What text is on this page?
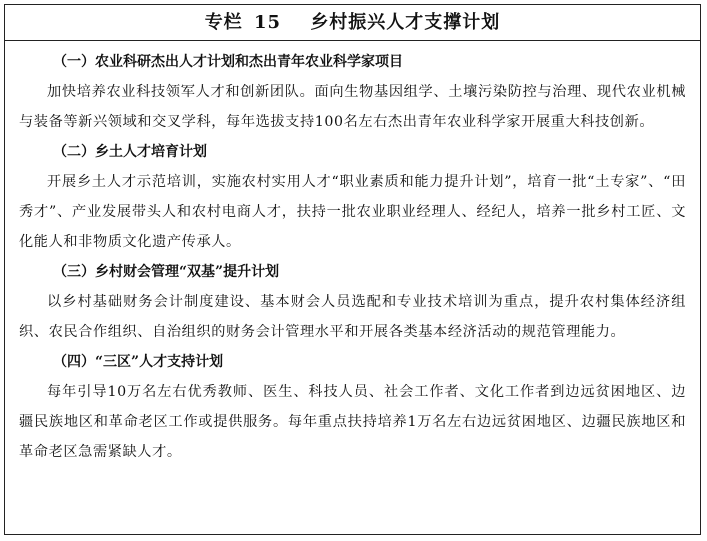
专栏 15 乡村振兴人才支撑计划
（一）农业科研杰出人才计划和杰出青年农业科学家项目
加快培养农业科技领军人才和创新团队。面向生物基因组学、土壤污染防控与治理、现代农业机械与装备等新兴领域和交叉学科，每年选拔支持100名左右杰出青年农业科学家开展重大科技创新。
（二）乡土人才培育计划
开展乡土人才示范培训，实施农村实用人才“职业素质和能力提升计划”，培育一批“土专家”、“田秀才”、产业发展带头人和农村电商人才，扶持一批农业职业经理人、经纪人，培养一批乡村工匠、文化能人和非物质文化遗产传承人。
（三）乡村财会管理“双基”提升计划
以乡村基础财务会计制度建设、基本财会人员选配和专业技术培训为重点，提升农村集体经济组织、农民合作组织、自治组织的财务会计管理水平和开展各类基本经济活动的规范管理能力。
（四）“三区”人才支持计划
每年引导10万名左右优秀教师、医生、科技人员、社会工作者、文化工作者到边远贫困地区、边疆民族地区和革命老区工作或提供服务。每年重点扶持培养1万名左右边远贫困地区、边疆民族地区和革命老区急需紧缺人才。
